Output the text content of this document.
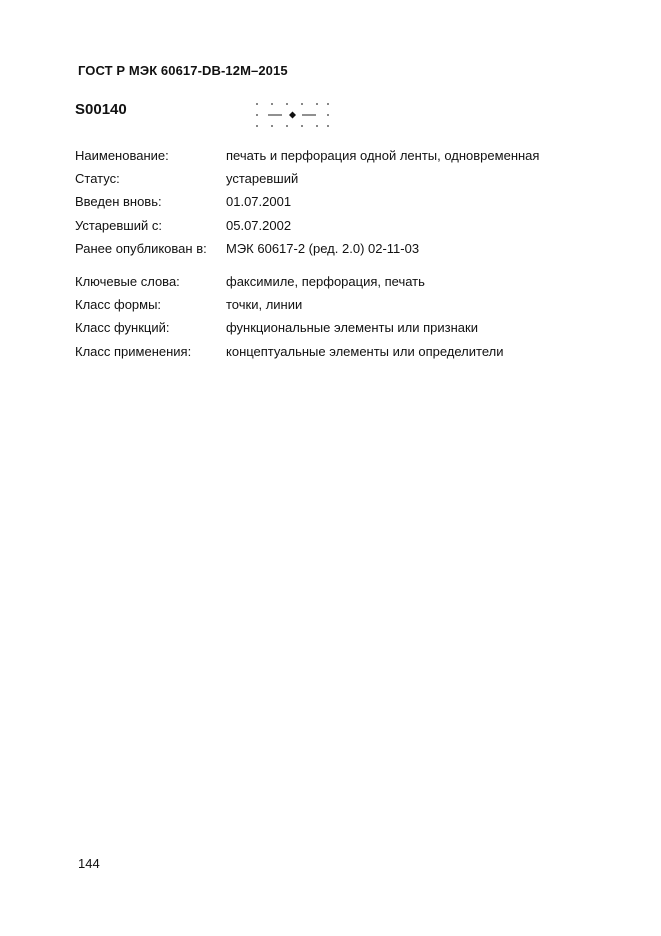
ГОСТ Р МЭК 60617-DB-12M–2015
S00140
Наименование:	печать и перфорация одной ленты, одновременная
Статус:	устаревший
Введен вновь:	01.07.2001
Устаревший с:	05.07.2002
Ранее опубликован в: МЭК 60617-2 (ред. 2.0) 02-11-03
Ключевые слова:	факсимиле, перфорация, печать
Класс формы:	точки, линии
Класс функций:	функциональные элементы или признаки
Класс применения:	концептуальные элементы или определители
144
